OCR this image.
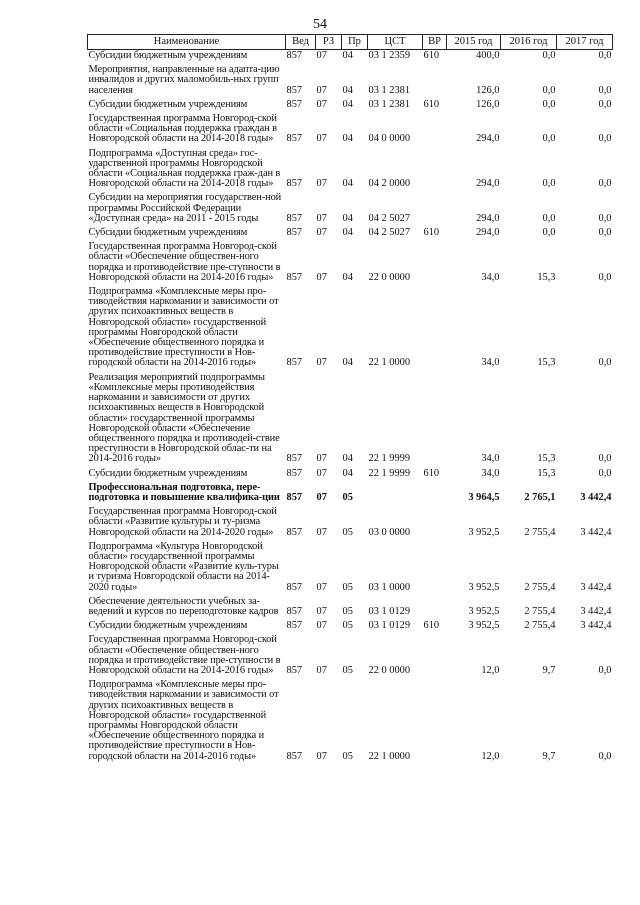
54
Наименование	Вед	РЗ	Пр	ЦСТ	ВР	2015 год	2016 год	2017 год
Субсидии бюджетным учреждениям	857	07	04	03 1 2359	610	400,0	0,0	0,0
Мероприятия, направленные на адапта-цию инвалидов и других маломобиль-ных групп населения	857	07	04	03 1 2381		126,0	0,0	0,0
Субсидии бюджетным учреждениям	857	07	04	03 1 2381	610	126,0	0,0	0,0
Государственная программа Новгород-ской области «Социальная поддержка граждан в Новгородской области на 2014-2018 годы»	857	07	04	04 0 0000		294,0	0,0	0,0
Подпрограмма «Доступная среда» гос-ударственной программы Новгородской области «Социальная поддержка граж-дан в Новгородской области на 2014-2018 годы»	857	07	04	04 2 0000		294,0	0,0	0,0
Субсидии на мероприятия государствен-ной программы Российской Федерации «Доступная среда» на 2011 - 2015 годы	857	07	04	04 2 5027		294,0	0,0	0,0
Субсидии бюджетным учреждениям	857	07	04	04 2 5027	610	294,0	0,0	0,0
Государственная программа Новгород-ской области «Обеспечение обществен-ного порядка и противодействие пре-ступности в Новгородской области на 2014-2016 годы»	857	07	04	22 0 0000		34,0	15,3	0,0
Подпрограмма «Комплексные меры про-тиводействия наркомании и зависимости от других психоактивных веществ в Новгородской области» государственной программы Новгородской области «Обеспечение общественного порядка и противодействие преступности в Нов-городской области на 2014-2016 годы»	857	07	04	22 1 0000		34,0	15,3	0,0
Реализация мероприятий подпрограммы «Комплексные меры противодействия наркомании и зависимости от других психоактивных веществ в Новгородской области» государственной программы Новгородской области «Обеспечение общественного порядка и противодей-ствие преступности в Новгородской облас-ти на 2014-2016 годы»	857	07	04	22 1 9999		34,0	15,3	0,0
Субсидии бюджетным учреждениям	857	07	04	22 1 9999	610	34,0	15,3	0,0
Профессиональная подготовка, пере-подготовка и повышение квалифика-ции	857	07	05			3 964,5	2 765,1	3 442,4
Государственная программа Новгород-ской области «Развитие культуры и ту-ризма Новгородской области на 2014-2020 годы»	857	07	05	03 0 0000		3 952,5	2 755,4	3 442,4
Подпрограмма «Культура Новгородской области» государственной программы Новгородской области «Развитие куль-туры и туризма Новгородской области на 2014-2020 годы»	857	07	05	03 1 0000		3 952,5	2 755,4	3 442,4
Обеспечение деятельности учебных за-ведений и курсов по переподготовке кадров	857	07	05	03 1 0129		3 952,5	2 755,4	3 442,4
Субсидии бюджетным учреждениям	857	07	05	03 1 0129	610	3 952,5	2 755,4	3 442,4
Государственная программа Новгород-ской области «Обеспечение обществен-ного порядка и противодействие пре-ступности в Новгородской области на 2014-2016 годы»	857	07	05	22 0 0000		12,0	9,7	0,0
Подпрограмма «Комплексные меры про-тиводействия наркомании и зависимости от других психоактивных веществ в Новгородской области» государственной программы Новгородской области «Обеспечение общественного порядка и противодействие преступности в Нов-городской области на 2014-2016 годы»	857	07	05	22 1 0000		12,0	9,7	0,0
